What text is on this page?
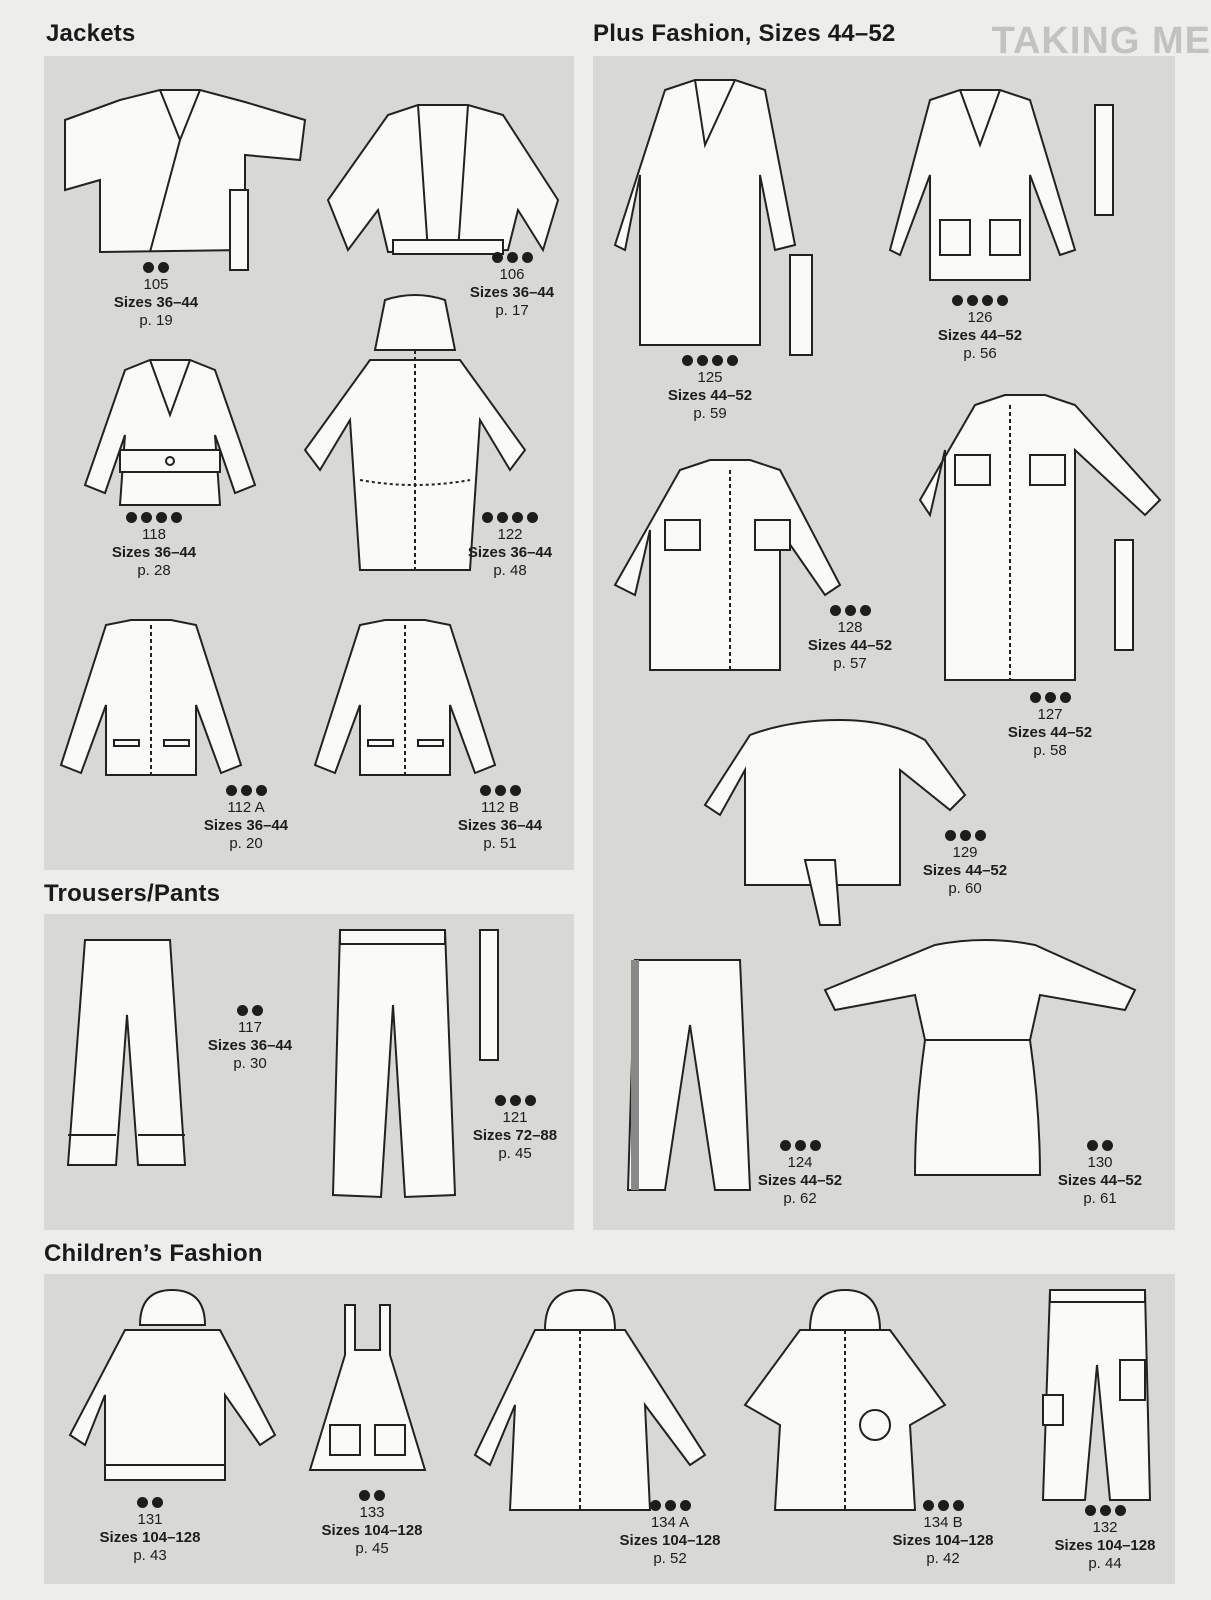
Jackets	Plus Fashion, Sizes 44–52
Trousers/Pants
Children’s Fashion
105
Sizes 36–44
p. 19
106
Sizes 36–44
p. 17
118
Sizes 36–44
p. 28
122
Sizes 36–44
p. 48
112 A
Sizes 36–44
p. 20
112 B
Sizes 36–44
p. 51
117
Sizes 36–44
p. 30
121
Sizes 72–88
p. 45
125
Sizes 44–52
p. 59
126
Sizes 44–52
p. 56
128
Sizes 44–52
p. 57
127
Sizes 44–52
p. 58
129
Sizes 44–52
p. 60
124
Sizes 44–52
p. 62
130
Sizes 44–52
p. 61
131
Sizes 104–128
p. 43
133
Sizes 104–128
p. 45
134 A
Sizes 104–128
p. 52
134 B
Sizes 104–128
p. 42
132
Sizes 104–128
p. 44
TAKING ME
